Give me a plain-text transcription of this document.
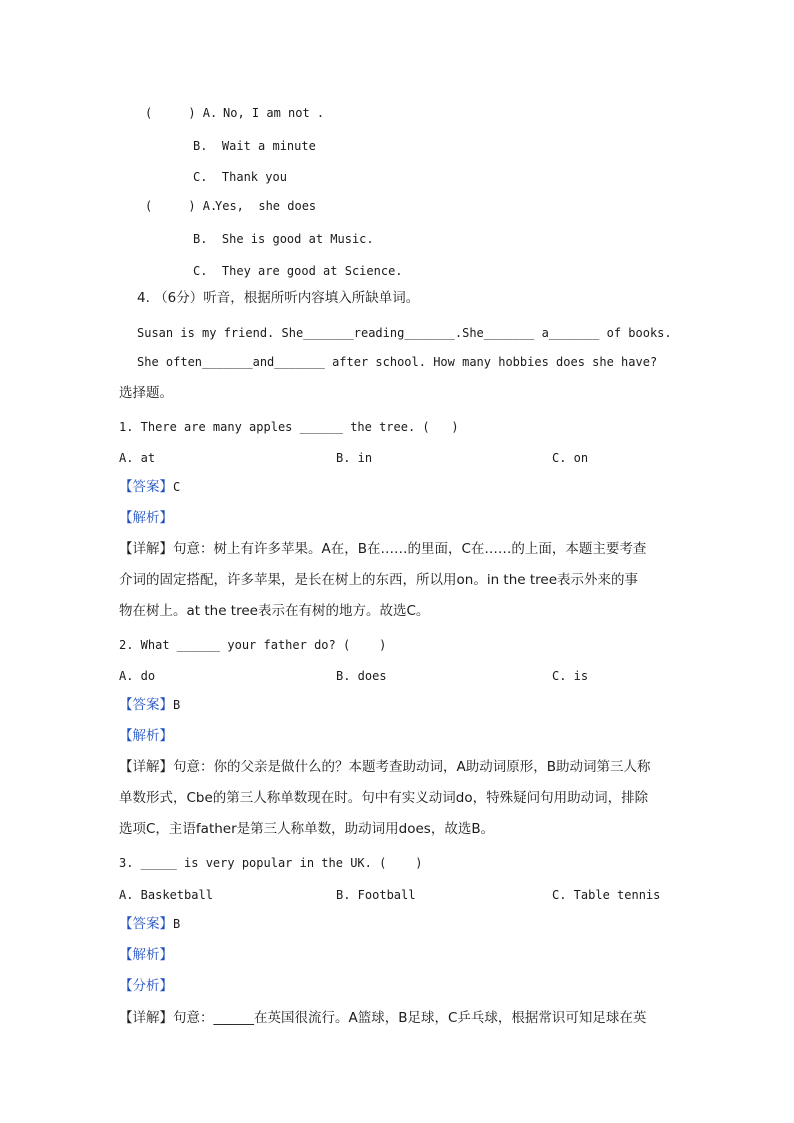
(     ) A. No, I am not .
B.  Wait a minute
C.  Thank you
(     ) A.
Yes,  she does
B.  She is good at Music.
C.  They are good at Science.
4. （6分）听音，根据所听内容填入所缺单词。
Susan is my friend. She_______reading_______.She_______ a_______ of books.
She often_______and_______ after school. How many hobbies does she have?
选择题。
1. There are many apples ______ the tree. (   )
A. at	B. in	C. on
【答案】C
【解析】
【详解】句意：树上有许多苹果。A在，B在……的里面，C在……的上面，本题主要考查
介词的固定搭配，许多苹果，是长在树上的东西，所以用on。in the tree表示外来的事
物在树上。at the tree表示在有树的地方。故选C。
2. What ______ your father do? (    )
A. do	B. does	C. is
【答案】B
【解析】
【详解】句意：你的父亲是做什么的？本题考查助动词，A助动词原形，B助动词第三人称
单数形式，Cbe的第三人称单数现在时。句中有实义动词do，特殊疑问句用助动词，排除
选项C，主语father是第三人称单数，助动词用does，故选B。
3. _____ is very popular in the UK. (    )
A. Basketball	B. Football	C. Table tennis
【答案】B
【解析】
【分析】
【详解】句意：______在英国很流行。A篮球，B足球，C乒乓球，根据常识可知足球在英
